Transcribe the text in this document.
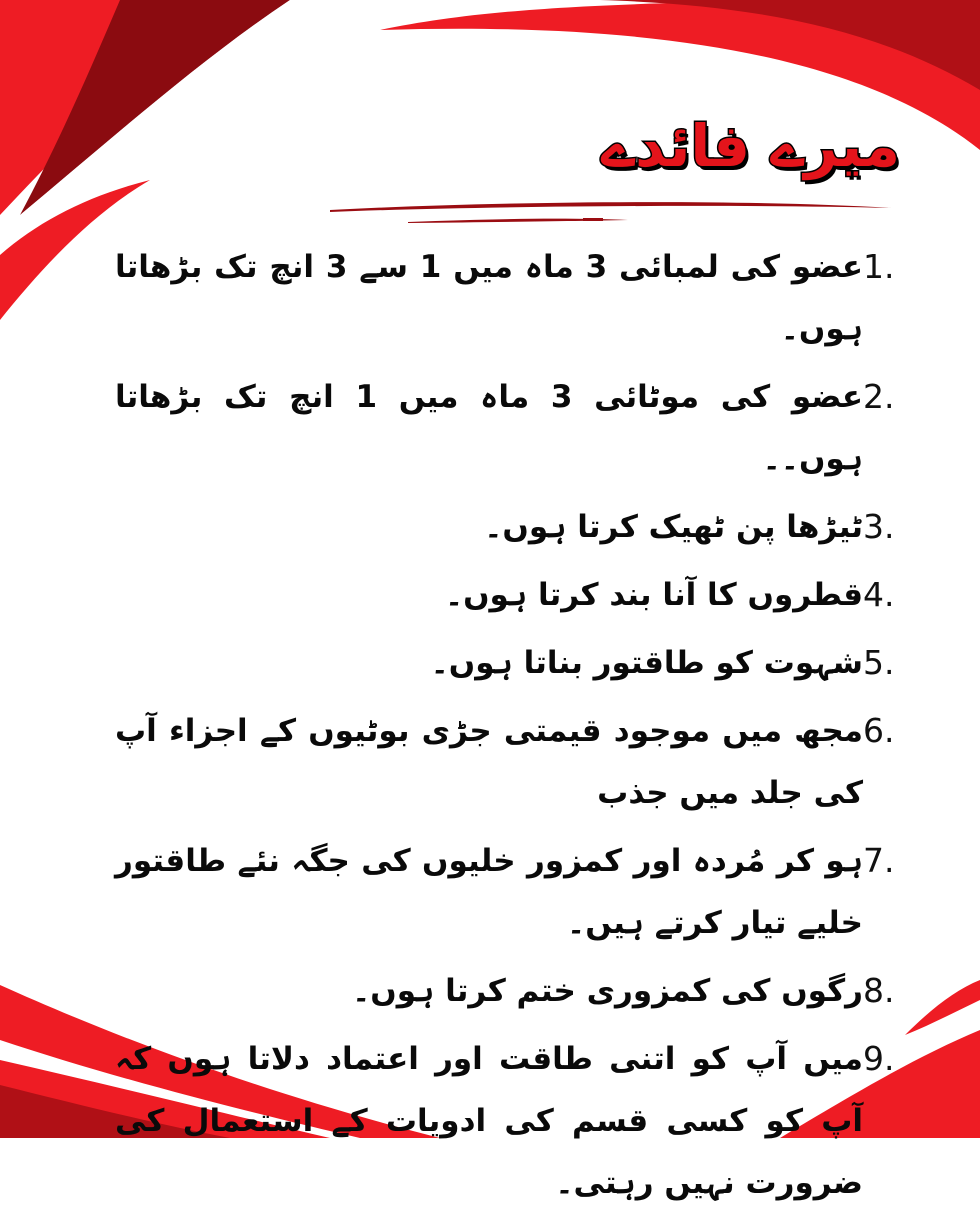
میرے فائدے
1.
عضو کی لمبائی 3 ماہ میں 1 سے 3 انچ تک بڑھاتا ہوں۔
2.
عضو کی موٹائی 3 ماہ میں 1 انچ تک بڑھاتا ہوں۔۔
3.
ٹیڑھا پن ٹھیک کرتا ہوں۔
4.
قطروں کا آنا بند کرتا ہوں۔
5.
شہوت کو طاقتور بناتا ہوں۔
6.
مجھ میں موجود قیمتی جڑی بوٹیوں کے اجزاء آپ کی جلد میں جذب
7.
ہو کر مُردہ اور کمزور خلیوں کی جگہ نئے طاقتور خلیے تیار کرتے ہیں۔
8.
رگوں کی کمزوری ختم کرتا ہوں۔
9.
میں آپ کو اتنی طاقت اور اعتماد دلاتا ہوں کہ آپ کو کسی قسم کی ادویات کے استعمال کی ضرورت نہیں رہتی۔
